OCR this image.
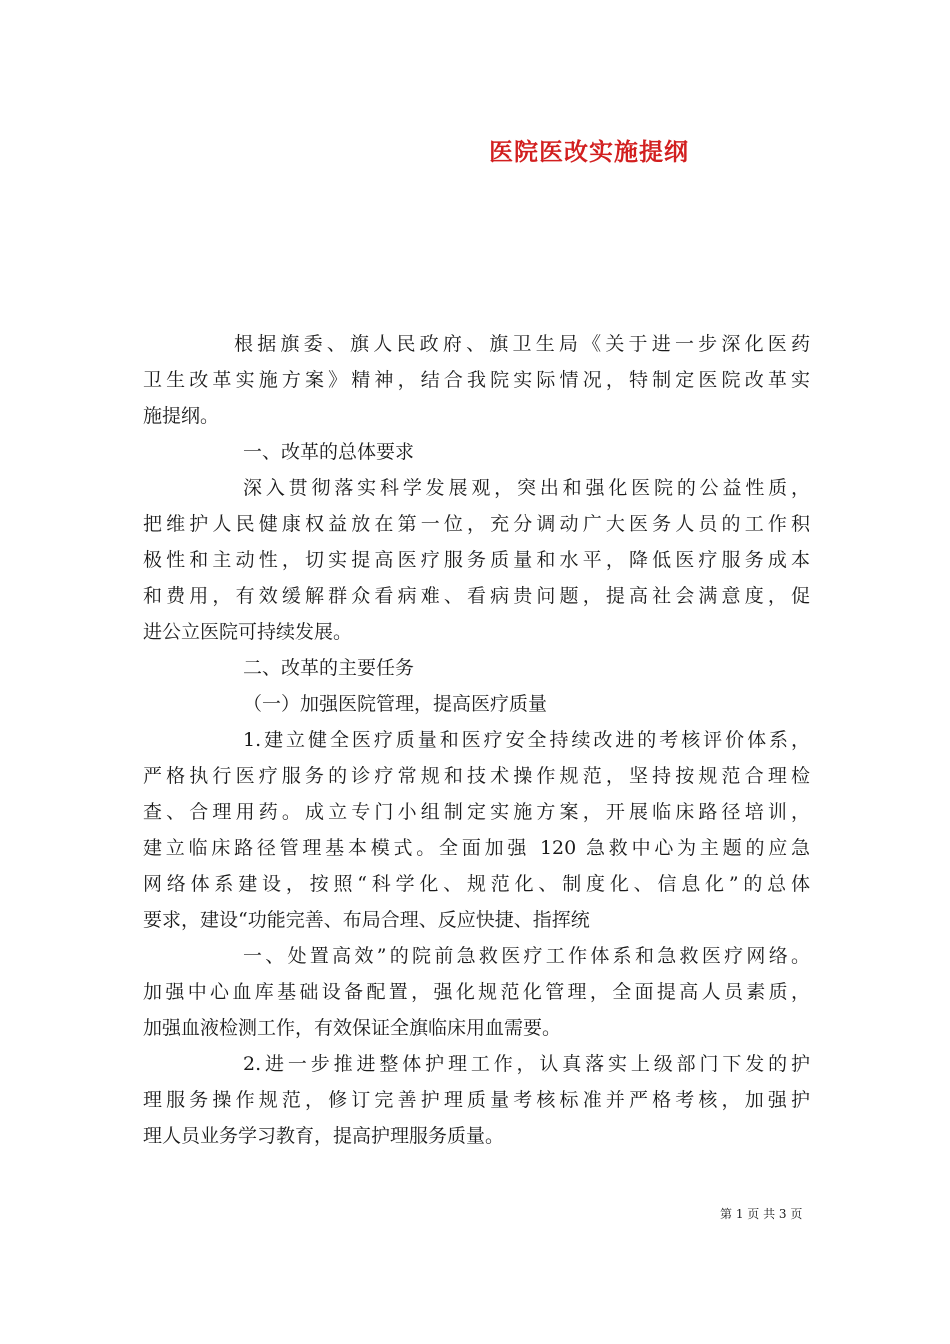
医院医改实施提纲
根据旗委、旗人民政府、旗卫生局《关于进一步深化医药
卫生改革实施方案》精神，结合我院实际情况，特制定医院改革实
施提纲。
一、改革的总体要求
深入贯彻落实科学发展观，突出和强化医院的公益性质，
把维护人民健康权益放在第一位，充分调动广大医务人员的工作积
极性和主动性，切实提高医疗服务质量和水平，降低医疗服务成本
和费用，有效缓解群众看病难、看病贵问题，提高社会满意度，促
进公立医院可持续发展。
二、改革的主要任务
（一）加强医院管理，提高医疗质量
1.建立健全医疗质量和医疗安全持续改进的考核评价体系，
严格执行医疗服务的诊疗常规和技术操作规范，坚持按规范合理检
查、合理用药。成立专门小组制定实施方案，开展临床路径培训，
建立临床路径管理基本模式。全面加强 120 急救中心为主题的应急
网络体系建设，按照“科学化、规范化、制度化、信息化”的总体
要求，建设“功能完善、布局合理、反应快捷、指挥统
一、处置高效”的院前急救医疗工作体系和急救医疗网络。
加强中心血库基础设备配置，强化规范化管理，全面提高人员素质，
加强血液检测工作，有效保证全旗临床用血需要。
2.进一步推进整体护理工作，认真落实上级部门下发的护
理服务操作规范，修订完善护理质量考核标准并严格考核，加强护
理人员业务学习教育，提高护理服务质量。
第 1 页 共 3 页
